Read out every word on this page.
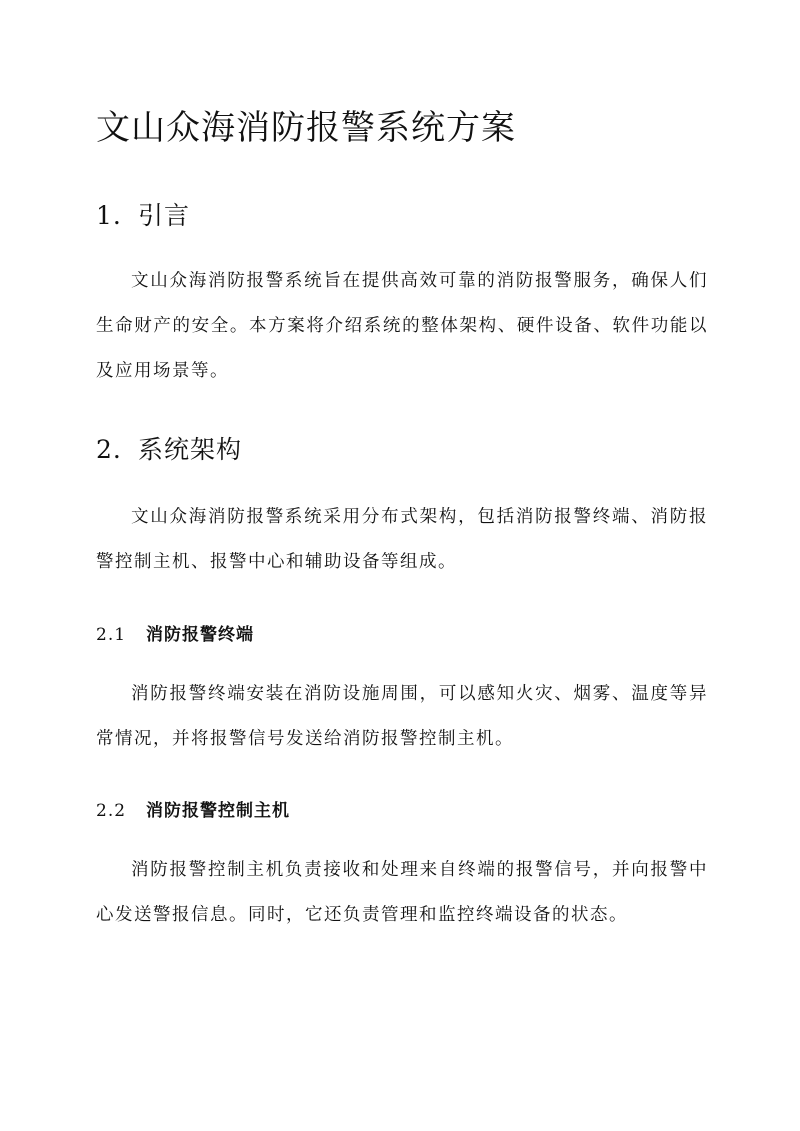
文山众海消防报警系统方案
1. 引言

文山众海消防报警系统旨在提供高效可靠的消防报警服务，确保人们生命财产的安全。本方案将介绍系统的整体架构、硬件设备、软件功能以及应用场景等。

2. 系统架构

文山众海消防报警系统采用分布式架构，包括消防报警终端、消防报警控制主机、报警中心和辅助设备等组成。

2.1 消防报警终端

消防报警终端安装在消防设施周围，可以感知火灾、烟雾、温度等异常情况，并将报警信号发送给消防报警控制主机。

2.2 消防报警控制主机

消防报警控制主机负责接收和处理来自终端的报警信号，并向报警中心发送警报信息。同时，它还负责管理和监控终端设备的状态。
